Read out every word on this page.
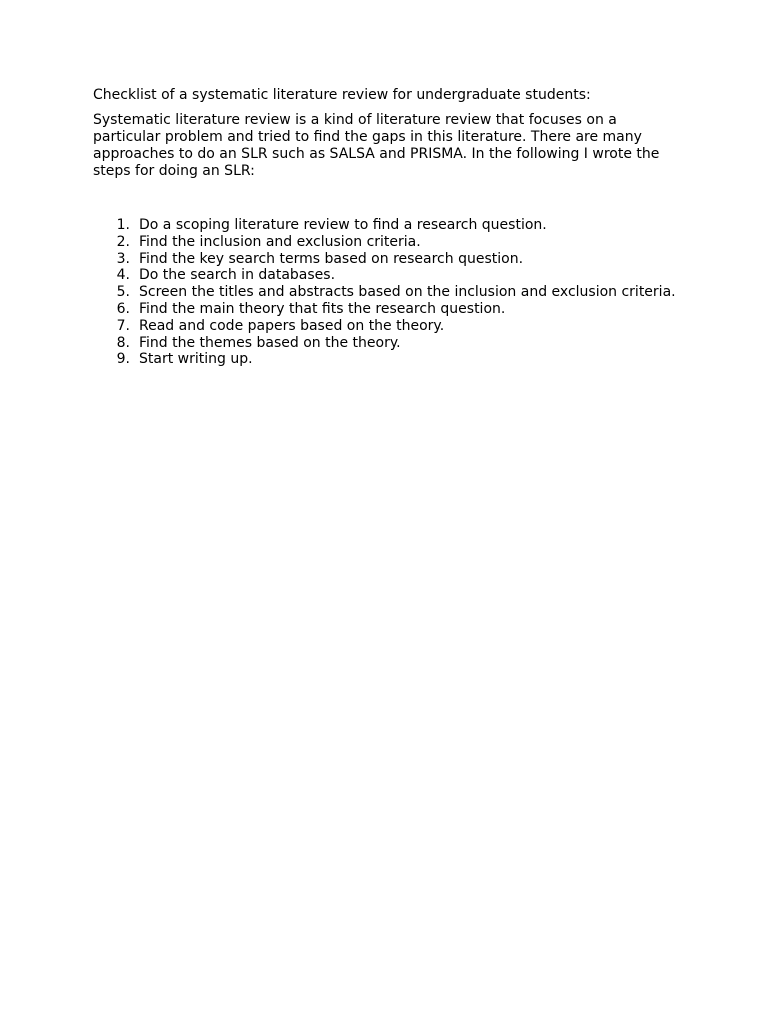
Checklist of a systematic literature review for undergraduate students:

Systematic literature review is a kind of literature review that focuses on a particular problem and tried to find the gaps in this literature. There are many approaches to do an SLR such as SALSA and PRISMA. In the following I wrote the steps for doing an SLR:

1. Do a scoping literature review to find a research question.
2. Find the inclusion and exclusion criteria.
3. Find the key search terms based on research question.
4. Do the search in databases.
5. Screen the titles and abstracts based on the inclusion and exclusion criteria.
6. Find the main theory that fits the research question.
7. Read and code papers based on the theory.
8. Find the themes based on the theory.
9. Start writing up.
